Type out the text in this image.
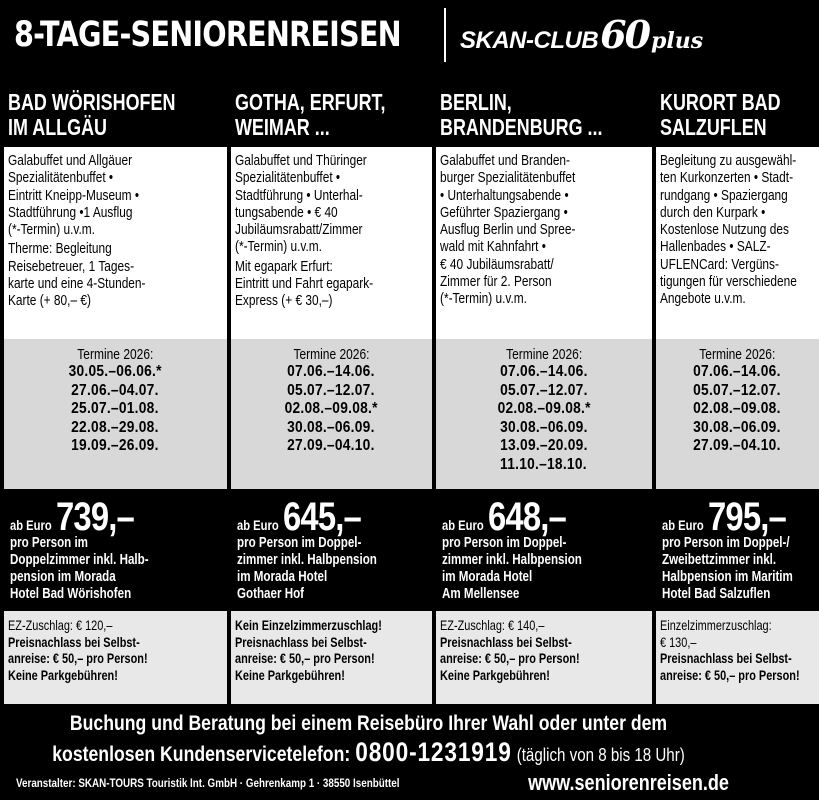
8-TAGE-SENIORENREISEN SKAN-CLUB 60 plus
BAD WÖRISHOFEN
IM ALLGÄU

Galabuffet und Allgäuer
Spezialitätenbuffet •
Eintritt Kneipp-Museum •
Stadtführung •1 Ausflug
(*-Termin) u.v.m.

Therme: Begleitung
Reisebetreuer, 1 Tages-
karte und eine 4-Stunden-
Karte (+ 80,– €)

Termine 2026:
30.05.–06.06.*
27.06.–04.07.
25.07.–01.08.
22.08.–29.08.
19.09.–26.09.
ab Euro 739,–
pro Person im
Doppelzimmer inkl. Halb-
pension im Morada
Hotel Bad Wörishofen

EZ-Zuschlag: € 120,–

Preisnachlass bei Selbst-
anreise: € 50,– pro Person!
Keine Parkgebühren!

GOTHA, ERFURT,
WEIMAR ...

Galabuffet und Thüringer
Spezialitätenbuffet •
Stadtführung • Unterhal-
tungsabende • € 40
Jubiläumsrabatt/Zimmer
(*-Termin) u.v.m.

Mit egapark Erfurt:
Eintritt und Fahrt egapark-
Express (+ € 30,–)

Termine 2026:
07.06.–14.06.
05.07.–12.07.
02.08.–09.08.*
30.08.–06.09.
27.09.–04.10.
ab Euro 645,–
pro Person im Doppel-
zimmer inkl. Halbpension
im Morada Hotel
Gothaer Hof

Kein Einzelzimmerzuschlag!
Preisnachlass bei Selbst-
anreise: € 50,– pro Person!
Keine Parkgebühren!

BERLIN,
BRANDENBURG ...

Galabuffet und Branden-
burger Spezialitätenbuffet
• Unterhaltungsabende •
Geführter Spaziergang •
Ausflug Berlin und Spree-
wald mit Kahnfahrt •
€ 40 Jubiläumsrabatt/
Zimmer für 2. Person
(*-Termin) u.v.m.

Termine 2026:
07.06.–14.06.
05.07.–12.07.
02.08.–09.08.*
30.08.–06.09.
13.09.–20.09.
11.10.–18.10.
ab Euro 648,–
pro Person im Doppel-
zimmer inkl. Halbpension
im Morada Hotel
Am Mellensee

EZ-Zuschlag: € 140,–

Preisnachlass bei Selbst-
anreise: € 50,– pro Person!
Keine Parkgebühren!

KURORT BAD
SALZUFLEN

Begleitung zu ausgewähl-
ten Kurkonzerten • Stadt-
rundgang • Spaziergang
durch den Kurpark •
Kostenlose Nutzung des
Hallenbades • SALZ-
UFLENCard: Vergüns-
tigungen für verschiedene
Angebote u.v.m.

Termine 2026:
07.06.–14.06.
05.07.–12.07.
02.08.–09.08.
30.08.–06.09.
27.09.–04.10.
ab Euro 795,–
pro Person im Doppel-/
Zweibettzimmer inkl.
Halbpension im Maritim
Hotel Bad Salzuflen

Einzelzimmerzuschlag:
€ 130,–

Preisnachlass bei Selbst-
anreise: € 50,– pro Person!

Buchung und Beratung bei einem Reisebüro Ihrer Wahl oder unter dem
kostenlosen Kundenservicetelefon: 0800-1231919 (täglich von 8 bis 18 Uhr)
Veranstalter: SKAN-TOURS Touristik Int. GmbH · Gehrenkamp 1 · 38550 Isenbüttel	www.seniorenreisen.de
